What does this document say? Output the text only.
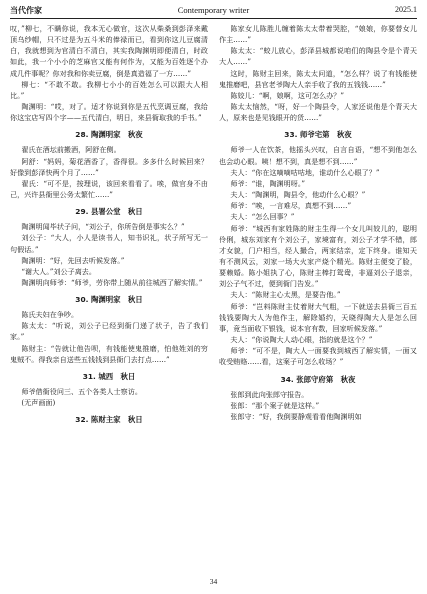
当代作家	Contemporary writer	2025.1

叹，”柳七，不瞒你说，我本无心做官，这次从柴桑到彭泽来戴顶乌纱帽，只不过是为五斗米的俸禄而已，看到你这儿豆腐清白，我就想到为官清白不清白，其实我陶渊明即便清白，时政如此，我一个小小的芝麻官又能有何作为，又能为百姓逐个办成几件事呢？你对我和你卖豆腐，倒是真造福了一方……”

柳七：“不敢不敢。我柳七小小的百姓怎么可以跟大人相比。”

陶渊明：“哎，对了。适才你说到你是五代烹调豆腐，我给你这宝店写四个字——五代清白，明日，来县衙取我的手书。”

28. 陶渊明家　秋夜

翟氏在酒坛前搬酒，阿舒在侧。

阿舒：“妈妈，菊花酒香了，香得很。多多什么时候回来？好像到彭泽快两个月了……”

翟氏：“可不是，按理说，该回来看看了。唉，做官身不由己，兴许县衙里公务太繁忙……”

29. 县署公堂　秋日

陶渊明闻毕状子问，“刘公子，你所告倒是事实么？”

刘公子：“大人，小人是读书人，知书识礼，状子所写无一句假话。”

陶渊明：“好，先回去听候发落。”

“谢大人。”刘公子离去。

陶渊明向师爷：“师爷，劳你带上随从前往城西了解实情。”

30. 陶渊明家　秋日

陈氏夫妇在争吵。

陈太太：“听说，刘公子已经到衙门递了状子，告了我们家。”

陈财主：“告就让他告呗，有钱能使鬼推磨，怕他姓刘的穷鬼贼不。得我亲自送些五钱钱到县衙门去打点……”

31. 城西　秋日

师爷借衙役问三、五个各类人士察访。

(无声画面)

32. 陈财主家　秋日

陈家女儿陈胜儿缠着陈太太带着哭腔，“娘娘，你要替女儿作主……”

陈太太：“蛟儿放心，彭泽县城都说咱们的陶县令是个青天大人……”

这时，陈财主回来，陈太太问道，“怎么样？说了有钱能使鬼推磨吧，县官老爷陶大人亲手收了我的五钱钱……”

陈姣儿：“啊，娘啊，这可怎么办？”

陈太太恼然，“呀，好一个陶县令，人家还说他是个青天大人，原来也是见钱眼开的货……”

33. 师爷宅第　秋夜

师爷一人在饮茶，他摇头兴叹，自言自语，“想不到他怎么也会动心眼。咦！想不到，真是想不到……”

夫人：“你在这嘀嘀咕咕地，谁动什么心眼了？”

师爷：“谁，陶渊明呀。”

夫人：“陶渊明，陶县令，他动什么心眼？”

师爷：“唉，一言难尽，真想不到……”

夫人：“怎么回事？”

师爷：“城西有家姓陈的财主生得一个女儿叫姣儿的，聪明伶俐，城东刘家有个刘公子，家境富有，刘公子才学不错，郎才女貌，门户相当，经人撮合，两家结亲，定下终身。谁知天有不测风云，刘家一场大火家产烧个精光。陈财主便变了脸，要赖婚。陈小姐执了心，陈财主棒打鸳鸯，非逼刘公子退亲，刘公子气不过，便到衙门告发。”

夫人：“陈财主心太黑，是要告他。”

师爷：“岂料陈财主仗着财大气粗，一下就送去县衙三百五钱钱要陶大人为他作主，解除婚约，天晓得陶大人是怎么回事，竟当面收下银钱，说本官有数，回家听候发落。”

夫人：“你说陶大人动心眼，指的就是这个？”

师爷：“可不是，陶大人一面要我到城西了解实情，一面又收受贿赂……看，这案子可怎么收场？”

34. 张郎守府第　秋夜

张郎到此向张郎守报告。

张郎：“那个案子就是这样。”

张郎守：“好，我倒要静观看看他陶渊明如

34
